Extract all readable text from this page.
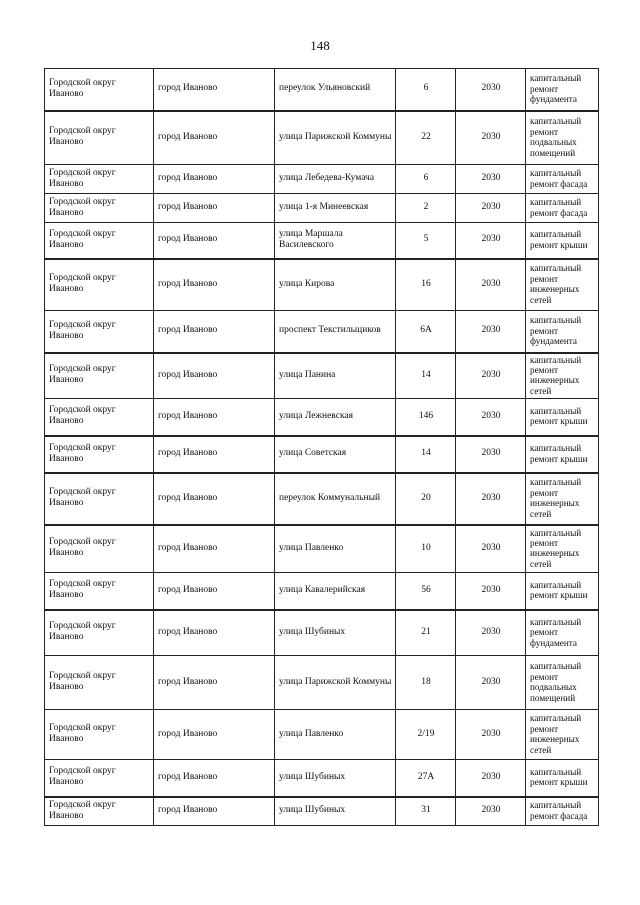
148
Городской округ Иваново	город Иваново	переулок Ульяновский	6	2030	капитальный ремонт фундамента
Городской округ Иваново	город Иваново	улица Парижской Коммуны	22	2030	капитальный ремонт подвальных помещений
Городской округ Иваново	город Иваново	улица Лебедева-Кумача	6	2030	капитальный ремонт фасада
Городской округ Иваново	город Иваново	улица 1-я Минеевская	2	2030	капитальный ремонт фасада
Городской округ Иваново	город Иваново	улица Маршала Василевского	5	2030	капитальный ремонт крыши
Городской округ Иваново	город Иваново	улица Кирова	16	2030	капитальный ремонт инженерных сетей
Городской округ Иваново	город Иваново	проспект Текстильщиков	6А	2030	капитальный ремонт фундамента
Городской округ Иваново	город Иваново	улица Панина	14	2030	капитальный ремонт инженерных сетей
Городской округ Иваново	город Иваново	улица Лежневская	146	2030	капитальный ремонт крыши
Городской округ Иваново	город Иваново	улица Советская	14	2030	капитальный ремонт крыши
Городской округ Иваново	город Иваново	переулок Коммунальный	20	2030	капитальный ремонт инженерных сетей
Городской округ Иваново	город Иваново	улица Павленко	10	2030	капитальный ремонт инженерных сетей
Городской округ Иваново	город Иваново	улица Кавалерийская	56	2030	капитальный ремонт крыши
Городской округ Иваново	город Иваново	улица Шубиных	21	2030	капитальный ремонт фундамента
Городской округ Иваново	город Иваново	улица Парижской Коммуны	18	2030	капитальный ремонт подвальных помещений
Городской округ Иваново	город Иваново	улица Павленко	2/19	2030	капитальный ремонт инженерных сетей
Городской округ Иваново	город Иваново	улица Шубиных	27А	2030	капитальный ремонт крыши
Городской округ Иваново	город Иваново	улица Шубиных	31	2030	капитальный ремонт фасада
